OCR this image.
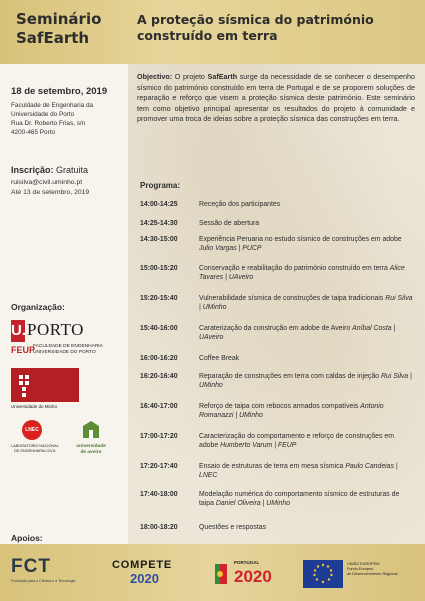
Seminário
SafEarth
A proteção sísmica do património
construído em terra
18 de setembro, 2019
Faculdade de Engenharia da
Universidade do Porto
Rua Dr. Roberto Frias, s/n
4200-465 Porto
Inscrição: Gratuita
ruisilva@civil.uminho.pt
Até 13 de setembro, 2019
Organização:
U. PORTO
FEUP
FACULDADE DE ENGENHARIA
UNIVERSIDADE DO PORTO
Universidade do Minho
LNEC
LABORATÓRIO NACIONAL DE ENGENHARIA CIVIL
universidade
de aveiro
Objectivo: O projeto SafEarth surge da necessidade de se conhecer o desempenho sísmico do património construído em terra de Portugal e de se proporem soluções de reparação e reforço que visem a proteção sísmica deste património. Este seminário tem como objetivo principal apresentar os resultados do projeto à comunidade e promover uma troca de ideias sobre a proteção sísmica das construções em terra.
Programa:
14:00-14:25	Receção dos participantes
14:25-14:30	Sessão de abertura
14:30-15:00	Experiência Peruana no estudo sísmico de construções em adobe Julio Vargas | PUCP
15:00-15:20	Conservação e reabilitação do património construído em terra Alice Tavares | UAveiro
15:20-15:40	Vulnerabilidade sísmica de construções de taipa tradicionais Rui Silva | UMinho
15:40-16:00	Caraterização da construção em adobe de Aveiro Aníbal Costa | UAveiro
16:00-16:20	Coffee Break
16:20-16:40	Reparação de construções em terra com caldas de injeção Rui Silva | UMinho
16:40-17:00	Reforço de taipa com rebocos armados compatíveis Antonio Romanazzi | UMinho
17:00-17:20	Caracterização do comportamento e reforço de construções em adobe Humberto Varum | FEUP
17:20-17:40	Ensaio de estruturas de terra em mesa sísmica Paulo Candeias | LNEC
17:40-18:00	Modelação numérica do comportamento sísmico de estruturas de taipa Daniel Oliveira | UMinho
18:00-18:20	Questões e respostas
Apoios:
FCT
Fundação para a Ciência e a Tecnologia
COMPETE
2020
PORTUGAL
2020
UNIÃO EUROPEIA
Fundo Europeu
de Desenvolvimento Regional
